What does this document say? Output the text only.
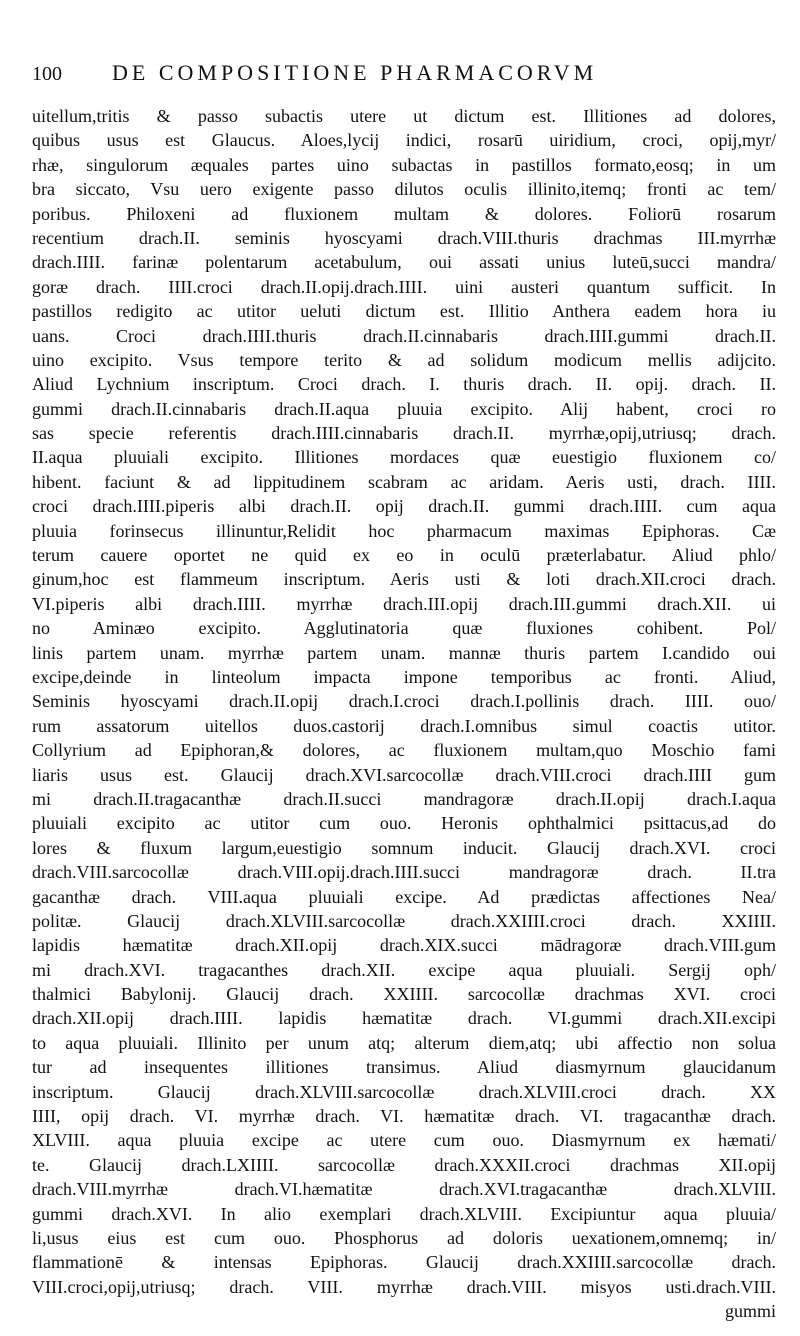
100	DE COMPOSITIONE PHARMACORVM
uitellum,tritis & passo subactis utere ut dictum est. Illitiones ad dolores,
quibus usus est Glaucus. Aloes,lycij indici, rosarū uiridium, croci, opij,myr/
rhæ, singulorum æquales partes uino subactas in pastillos formato,eosq; in um
bra siccato, Vsu uero exigente passo dilutos oculis illinito,itemq; fronti ac tem/
poribus. Philoxeni ad fluxionem multam & dolores. Foliorū rosarum
recentium drach.II. seminis hyoscyami drach.VIII.thuris drachmas III.myrrhæ
drach.IIII. farinæ polentarum acetabulum, oui assati unius luteū,succi mandra/
goræ drach. IIII.croci drach.II.opij.drach.IIII. uini austeri quantum sufficit. In
pastillos redigito ac utitor ueluti dictum est. Illitio Anthera eadem hora iu
uans. Croci drach.IIII.thuris drach.II.cinnabaris drach.IIII.gummi drach.II.
uino excipito. Vsus tempore terito & ad solidum modicum mellis adijcito.
Aliud Lychnium inscriptum. Croci drach. I. thuris drach. II. opij. drach. II.
gummi drach.II.cinnabaris drach.II.aqua pluuia excipito. Alij habent, croci ro
sas specie referentis drach.IIII.cinnabaris drach.II. myrrhæ,opij,utriusq; drach.
II.aqua pluuiali excipito. Illitiones mordaces quæ euestigio fluxionem co/
hibent. faciunt & ad lippitudinem scabram ac aridam. Aeris usti, drach. IIII.
croci drach.IIII.piperis albi drach.II. opij drach.II. gummi drach.IIII. cum aqua
pluuia forinsecus illinuntur,Relidit hoc pharmacum maximas Epiphoras. Cæ
terum cauere oportet ne quid ex eo in oculū præterlabatur. Aliud phlo/
ginum,hoc est flammeum inscriptum. Aeris usti & loti drach.XII.croci drach.
VI.piperis albi drach.IIII. myrrhæ drach.III.opij drach.III.gummi drach.XII. ui
no Aminæo excipito. Agglutinatoria quæ fluxiones cohibent. Pol/
linis partem unam. myrrhæ partem unam. mannæ thuris partem I.candido oui
excipe,deinde in linteolum impacta impone temporibus ac fronti. Aliud,
Seminis hyoscyami drach.II.opij drach.I.croci drach.I.pollinis drach. IIII. ouo/
rum assatorum uitellos duos.castorij drach.I.omnibus simul coactis utitor.
Collyrium ad Epiphoran,& dolores, ac fluxionem multam,quo Moschio fami
liaris usus est. Glaucij drach.XVI.sarcocollæ drach.VIII.croci drach.IIII gum
mi drach.II.tragacanthæ drach.II.succi mandragoræ drach.II.opij drach.I.aqua
pluuiali excipito ac utitor cum ouo. Heronis ophthalmici psittacus,ad do
lores & fluxum largum,euestigio somnum inducit. Glaucij drach.XVI. croci
drach.VIII.sarcocollæ drach.VIII.opij.drach.IIII.succi mandragoræ drach. II.tra
gacanthæ drach. VIII.aqua pluuiali excipe. Ad prædictas affectiones Nea/
politæ. Glaucij drach.XLVIII.sarcocollæ drach.XXIIII.croci drach. XXIIII.
lapidis hæmatitæ drach.XII.opij drach.XIX.succi mādragoræ drach.VIII.gum
mi drach.XVI. tragacanthes drach.XII. excipe aqua pluuiali. Sergij oph/
thalmici Babylonij. Glaucij drach. XXIIII. sarcocollæ drachmas XVI. croci
drach.XII.opij drach.IIII. lapidis hæmatitæ drach. VI.gummi drach.XII.excipi
to aqua pluuiali. Illinito per unum atq; alterum diem,atq; ubi affectio non solua
tur ad insequentes illitiones transimus. Aliud diasmyrnum glaucidanum
inscriptum. Glaucij drach.XLVIII.sarcocollæ drach.XLVIII.croci drach. XX
IIII, opij drach. VI. myrrhæ drach. VI. hæmatitæ drach. VI. tragacanthæ drach.
XLVIII. aqua pluuia excipe ac utere cum ouo. Diasmyrnum ex hæmati/
te. Glaucij drach.LXIIII. sarcocollæ drach.XXXII.croci drachmas XII.opij
drach.VIII.myrrhæ drach.VI.hæmatitæ drach.XVI.tragacanthæ drach.XLVIII.
gummi drach.XVI. In alio exemplari drach.XLVIII. Excipiuntur aqua pluuia/
li,usus eius est cum ouo. Phosphorus ad doloris uexationem,omnemq; in/
flammationē & intensas Epiphoras. Glaucij drach.XXIIII.sarcocollæ drach.
VIII.croci,opij,utriusq; drach. VIII. myrrhæ drach.VIII. misyos usti.drach.VIII.
gummi
